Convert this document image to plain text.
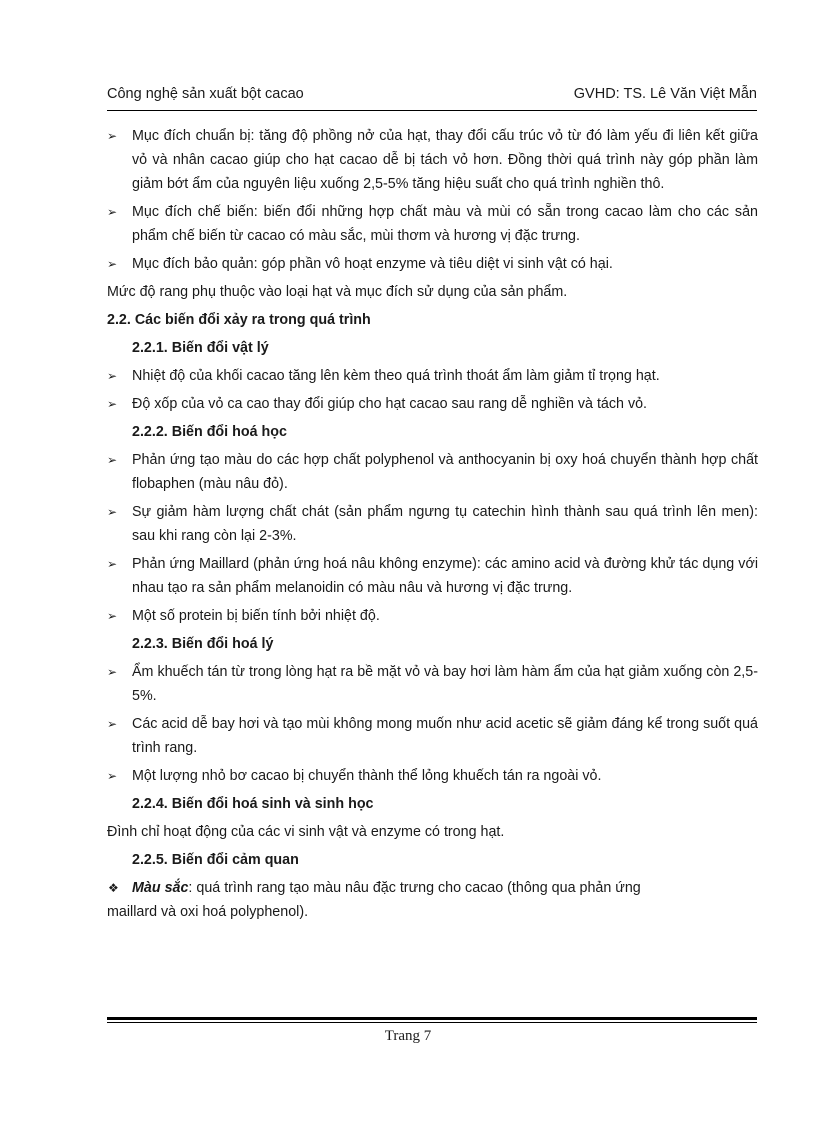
Công nghệ sản xuất bột cacao	GVHD: TS. Lê Văn Việt Mẫn
➢ Mục đích chuẩn bị: tăng độ phồng nở của hạt, thay đổi cấu trúc vỏ từ đó làm yếu đi liên kết giữa vỏ và nhân cacao giúp cho hạt cacao dễ bị tách vỏ hơn. Đồng thời quá trình này góp phần làm giảm bớt ẩm của nguyên liệu xuống 2,5-5% tăng hiệu suất cho quá trình nghiền thô.
➢ Mục đích chế biến: biến đổi những hợp chất màu và mùi có sẵn trong cacao làm cho các sản phẩm chế biến từ cacao có màu sắc, mùi thơm và hương vị đặc trưng.
➢ Mục đích bảo quản: góp phần vô hoạt enzyme và tiêu diệt vi sinh vật có hại.

Mức độ rang phụ thuộc vào loại hạt và mục đích sử dụng của sản phẩm.

2.2. Các biến đổi xảy ra trong quá trình

2.2.1. Biến đổi vật lý

➢ Nhiệt độ của khối cacao tăng lên kèm theo quá trình thoát ẩm làm giảm tỉ trọng hạt.
➢ Độ xốp của vỏ ca cao thay đổi giúp cho hạt cacao sau rang dễ nghiền và tách vỏ.

2.2.2. Biến đổi hoá học

➢ Phản ứng tạo màu do các hợp chất polyphenol và anthocyanin bị oxy hoá chuyển thành hợp chất flobaphen (màu nâu đỏ).
➢ Sự giảm hàm lượng chất chát (sản phẩm ngưng tụ catechin hình thành sau quá trình lên men): sau khi rang còn lại 2-3%.
➢ Phản ứng Maillard (phản ứng hoá nâu không enzyme): các amino acid và đường khử tác dụng với nhau tạo ra sản phẩm melanoidin có màu nâu và hương vị đặc trưng.
➢ Một số protein bị biến tính bởi nhiệt độ.

2.2.3. Biến đổi hoá lý

➢ Ẩm khuếch tán từ trong lòng hạt ra bề mặt vỏ và bay hơi làm hàm ẩm của hạt giảm xuống còn 2,5-5%.
➢ Các acid dễ bay hơi và tạo mùi không mong muốn như acid acetic sẽ giảm đáng kể trong suốt quá trình rang.
➢ Một lượng nhỏ bơ cacao bị chuyển thành thể lỏng khuếch tán ra ngoài vỏ.

2.2.4. Biến đổi hoá sinh và sinh học

Đình chỉ hoạt động của các vi sinh vật và enzyme có trong hạt.

2.2.5. Biến đổi cảm quan

❖ Màu sắc: quá trình rang tạo màu nâu đặc trưng cho cacao (thông qua phản ứng
maillard và oxi hoá polyphenol).
Trang 7
